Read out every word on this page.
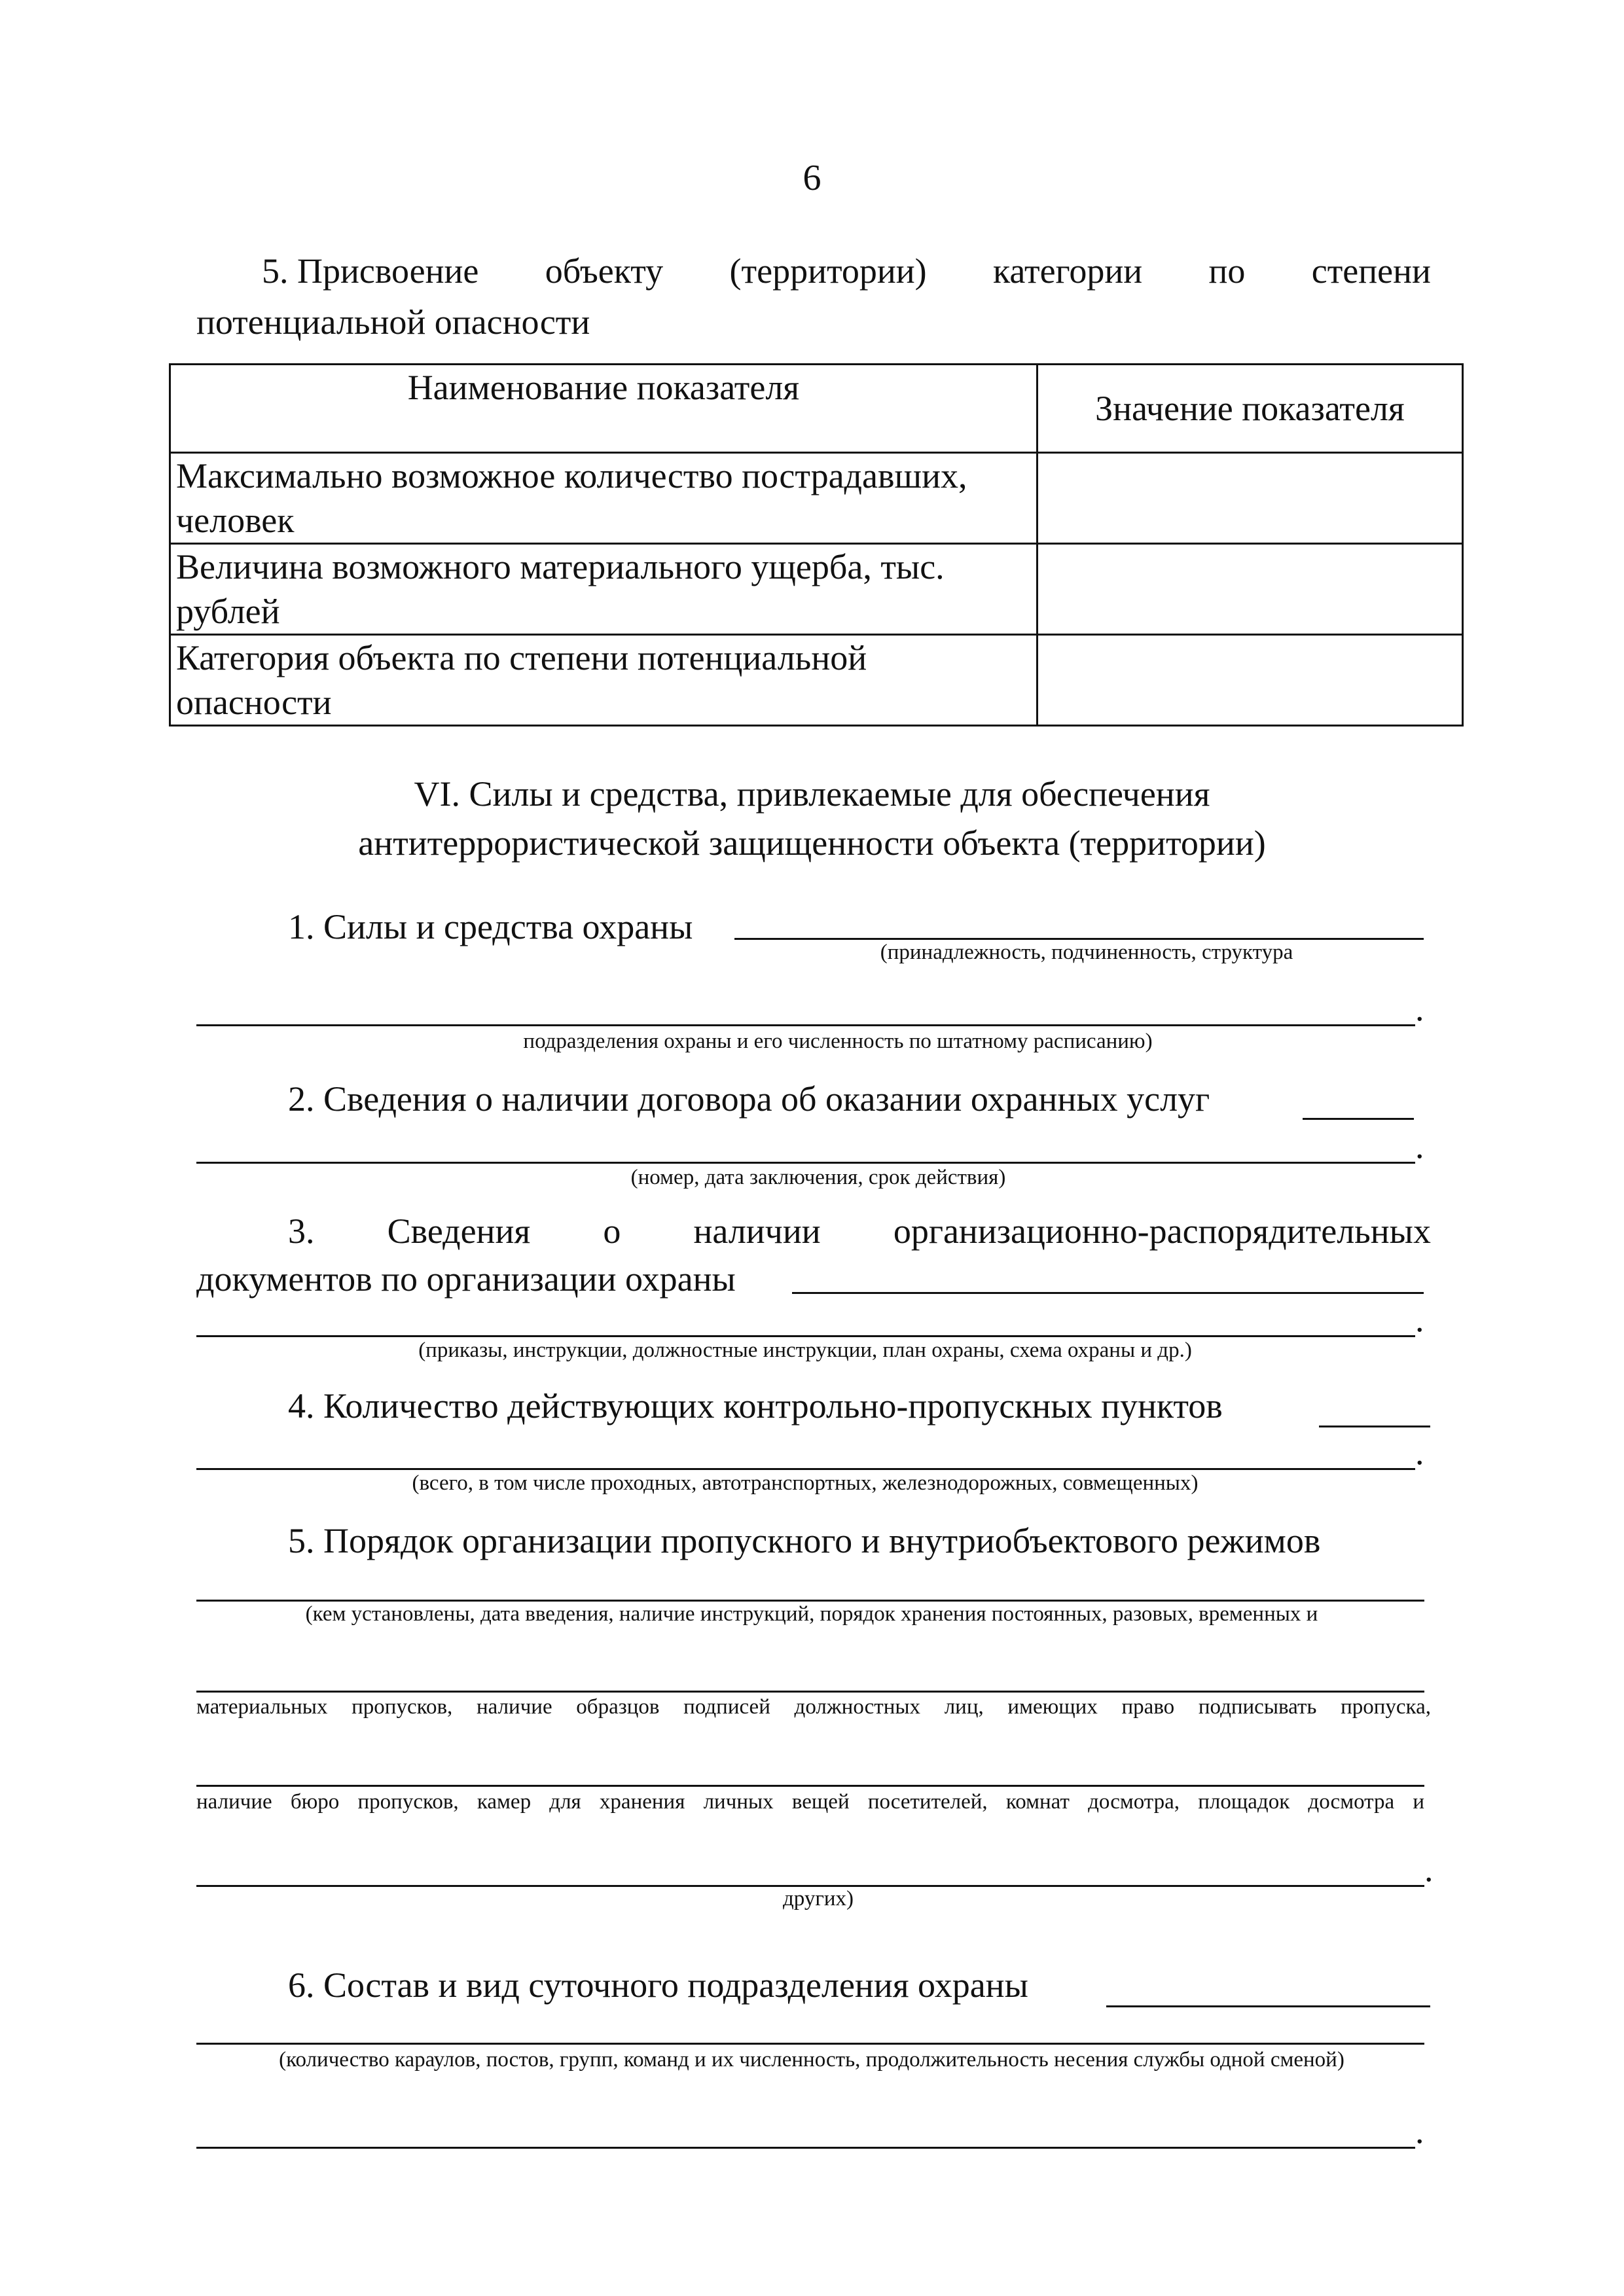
6
5. Присвоение объекту (территории) категории по степени
потенциальной опасности
Наименование показателя	Значение показателя
Максимально возможное количество пострадавших, человек	
Величина возможного материального ущерба, тыс. рублей	
Категория объекта по степени потенциальной опасности	
VI. Силы и средства, привлекаемые для обеспечения
антитеррористической защищенности объекта (территории)
1. Силы и средства охраны
(принадлежность, подчиненность, структура
.
подразделения охраны и его численность по штатному расписанию)
2. Сведения о наличии договора об оказании охранных услуг
.
(номер, дата заключения, срок действия)
3. Сведения о наличии организационно-распорядительных
документов по организации охраны
.
(приказы, инструкции, должностные инструкции, план охраны, схема охраны и др.)
4. Количество действующих контрольно-пропускных пунктов
.
(всего, в том числе проходных, автотранспортных, железнодорожных, совмещенных)
5. Порядок организации пропускного и внутриобъектового режимов
(кем установлены, дата введения, наличие инструкций, порядок хранения постоянных, разовых, временных и
материальных пропусков, наличие образцов подписей должностных лиц, имеющих право подписывать пропуска,
наличие бюро пропусков, камер для хранения личных вещей посетителей, комнат досмотра, площадок досмотра и
.
других)
6. Состав и вид суточного подразделения охраны
(количество караулов, постов, групп, команд и их численность, продолжительность несения службы одной сменой)
.
